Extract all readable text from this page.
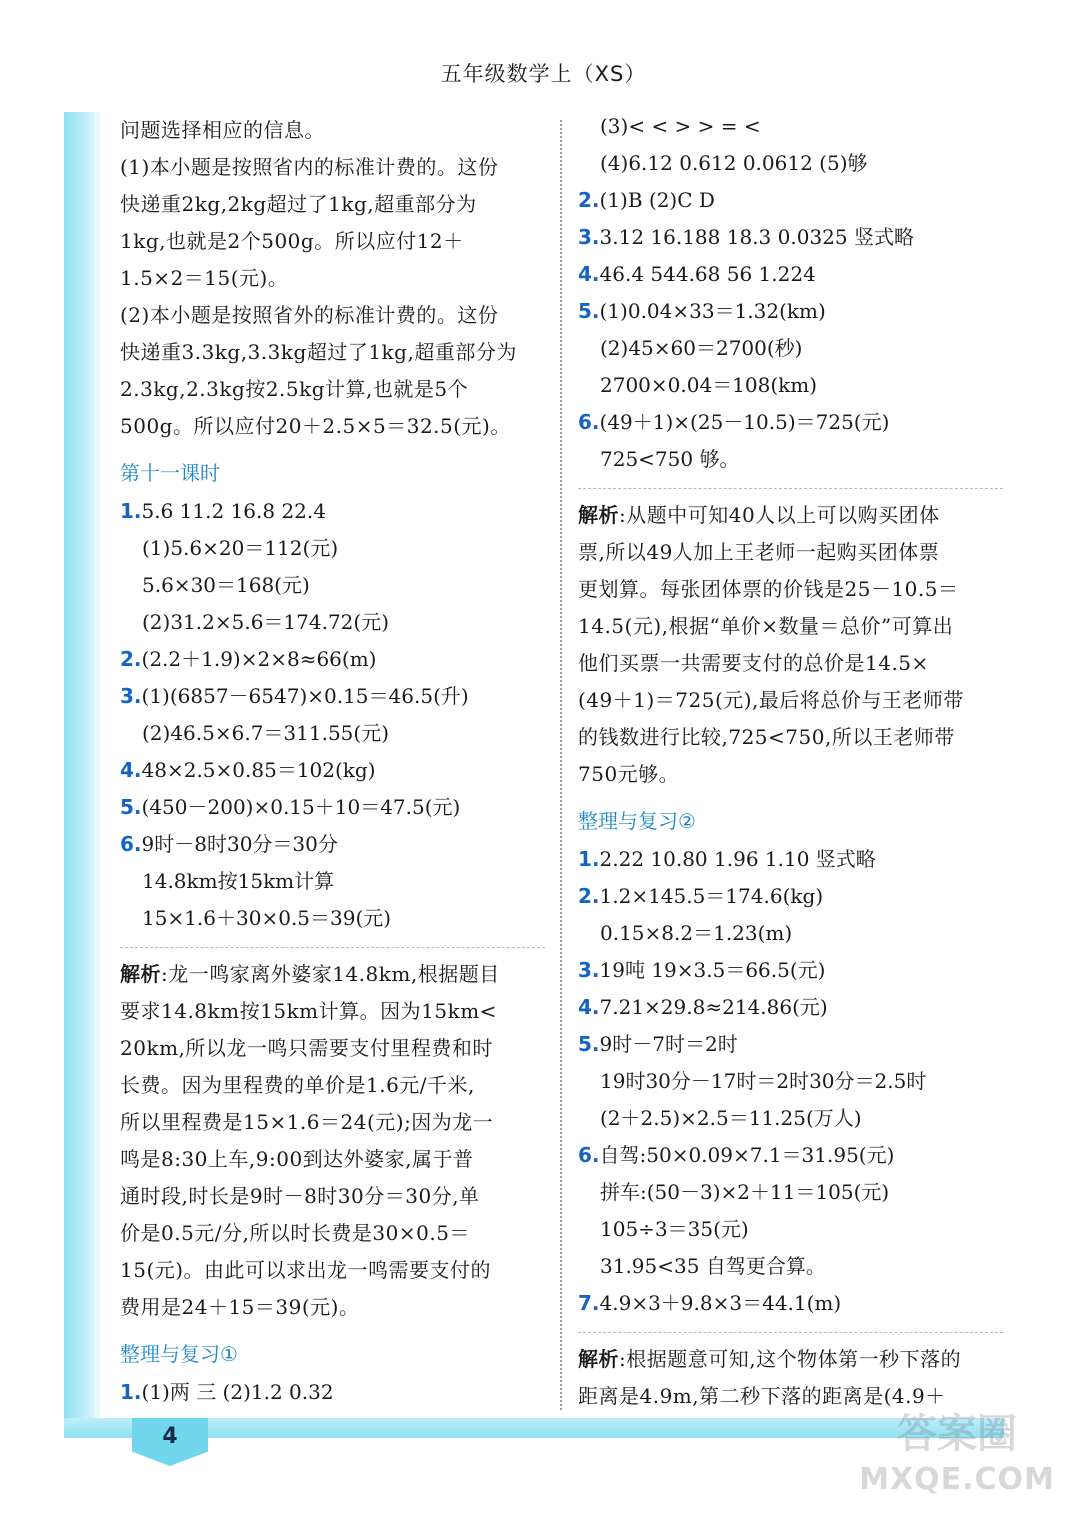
五年级数学上（XS）
4
问题选择相应的信息。
(1)本小题是按照省内的标准计费的。这份
快递重2kg,2kg超过了1kg,超重部分为
1kg,也就是2个500g。所以应付12＋
1.5×2＝15(元)。
(2)本小题是按照省外的标准计费的。这份
快递重3.3kg,3.3kg超过了1kg,超重部分为
2.3kg,2.3kg按2.5kg计算,也就是5个
500g。所以应付20＋2.5×5＝32.5(元)。
第十一课时
1.5.6 11.2 16.8 22.4
(1)5.6×20＝112(元)
5.6×30＝168(元)
(2)31.2×5.6＝174.72(元)
2.(2.2＋1.9)×2×8≈66(m)
3.(1)(6857－6547)×0.15＝46.5(升)
(2)46.5×6.7＝311.55(元)
4.48×2.5×0.85＝102(kg)
5.(450－200)×0.15＋10＝47.5(元)
6.9时－8时30分＝30分
14.8km按15km计算
15×1.6＋30×0.5＝39(元)
解析:龙一鸣家离外婆家14.8km,根据题目
要求14.8km按15km计算。因为15km<
20km,所以龙一鸣只需要支付里程费和时
长费。因为里程费的单价是1.6元/千米,
所以里程费是15×1.6＝24(元);因为龙一
鸣是8:30上车,9:00到达外婆家,属于普
通时段,时长是9时－8时30分＝30分,单
价是0.5元/分,所以时长费是30×0.5＝
15(元)。由此可以求出龙一鸣需要支付的
费用是24＋15＝39(元)。
整理与复习①
1.(1)两 三 (2)1.2 0.32
(3)< < > > = <
(4)6.12 0.612 0.0612 (5)够
2.(1)B (2)C D
3.3.12 16.188 18.3 0.0325 竖式略
4.46.4 544.68 56 1.224
5.(1)0.04×33＝1.32(km)
(2)45×60＝2700(秒)
2700×0.04＝108(km)
6.(49＋1)×(25－10.5)＝725(元)
725<750 够。
解析:从题中可知40人以上可以购买团体
票,所以49人加上王老师一起购买团体票
更划算。每张团体票的价钱是25－10.5＝
14.5(元),根据“单价×数量＝总价”可算出
他们买票一共需要支付的总价是14.5×
(49＋1)＝725(元),最后将总价与王老师带
的钱数进行比较,725<750,所以王老师带
750元够。
整理与复习②
1.2.22 10.80 1.96 1.10 竖式略
2.1.2×145.5＝174.6(kg)
0.15×8.2＝1.23(m)
3.19吨 19×3.5＝66.5(元)
4.7.21×29.8≈214.86(元)
5.9时－7时＝2时
19时30分－17时＝2时30分＝2.5时
(2＋2.5)×2.5＝11.25(万人)
6.自驾:50×0.09×7.1＝31.95(元)
拼车:(50－3)×2＋11＝105(元)
105÷3＝35(元)
31.95<35 自驾更合算。
7.4.9×3＋9.8×3＝44.1(m)
解析:根据题意可知,这个物体第一秒下落的
距离是4.9m,第二秒下落的距离是(4.9＋
答案圈
MXQE.COM
